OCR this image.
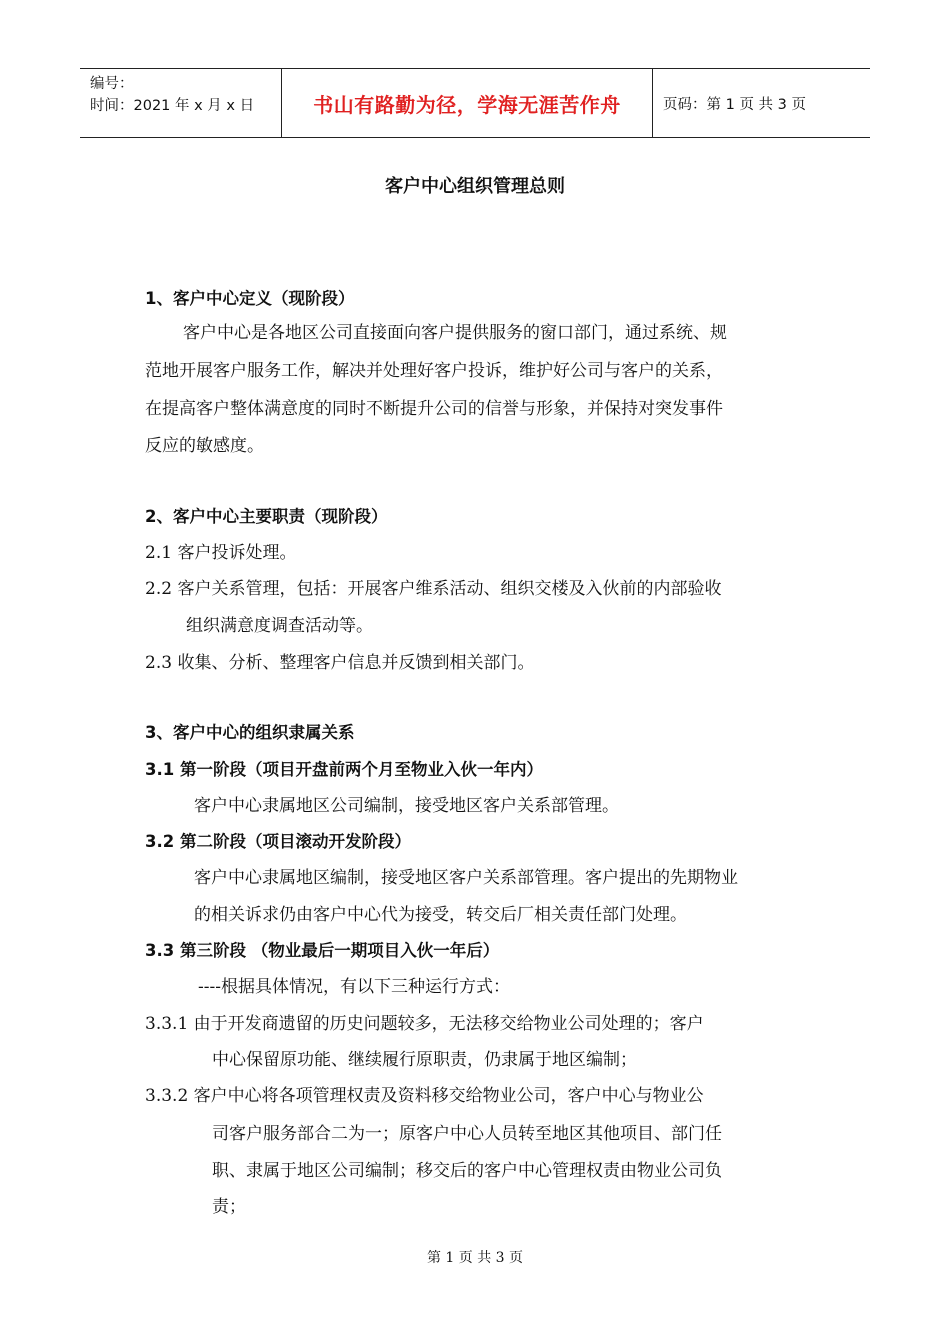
编号：
时间：2021 年 x 月 x 日	书山有路勤为径，学海无涯苦作舟	页码：第 1 页 共 3 页
客户中心组织管理总则
1、客户中心定义（现阶段）
客户中心是各地区公司直接面向客户提供服务的窗口部门，通过系统、规
范地开展客户服务工作，解决并处理好客户投诉，维护好公司与客户的关系，
在提高客户整体满意度的同时不断提升公司的信誉与形象，并保持对突发事件
反应的敏感度。
2、客户中心主要职责（现阶段）
2.1 客户投诉处理。
2.2 客户关系管理，包括：开展客户维系活动、组织交楼及入伙前的内部验收
组织满意度调查活动等。
2.3 收集、分析、整理客户信息并反馈到相关部门。
3、客户中心的组织隶属关系
3.1 第一阶段（项目开盘前两个月至物业入伙一年内）
客户中心隶属地区公司编制，接受地区客户关系部管理。
3.2 第二阶段（项目滚动开发阶段）
客户中心隶属地区编制，接受地区客户关系部管理。客户提出的先期物业
的相关诉求仍由客户中心代为接受，转交后厂相关责任部门处理。
3.3 第三阶段 （物业最后一期项目入伙一年后）
----根据具体情况，有以下三种运行方式：
3.3.1 由于开发商遗留的历史问题较多，无法移交给物业公司处理的；客户
中心保留原功能、继续履行原职责，仍隶属于地区编制；
3.3.2 客户中心将各项管理权责及资料移交给物业公司，客户中心与物业公
司客户服务部合二为一；原客户中心人员转至地区其他项目、部门任
职、隶属于地区公司编制；移交后的客户中心管理权责由物业公司负
责；
第 1 页 共 3 页
